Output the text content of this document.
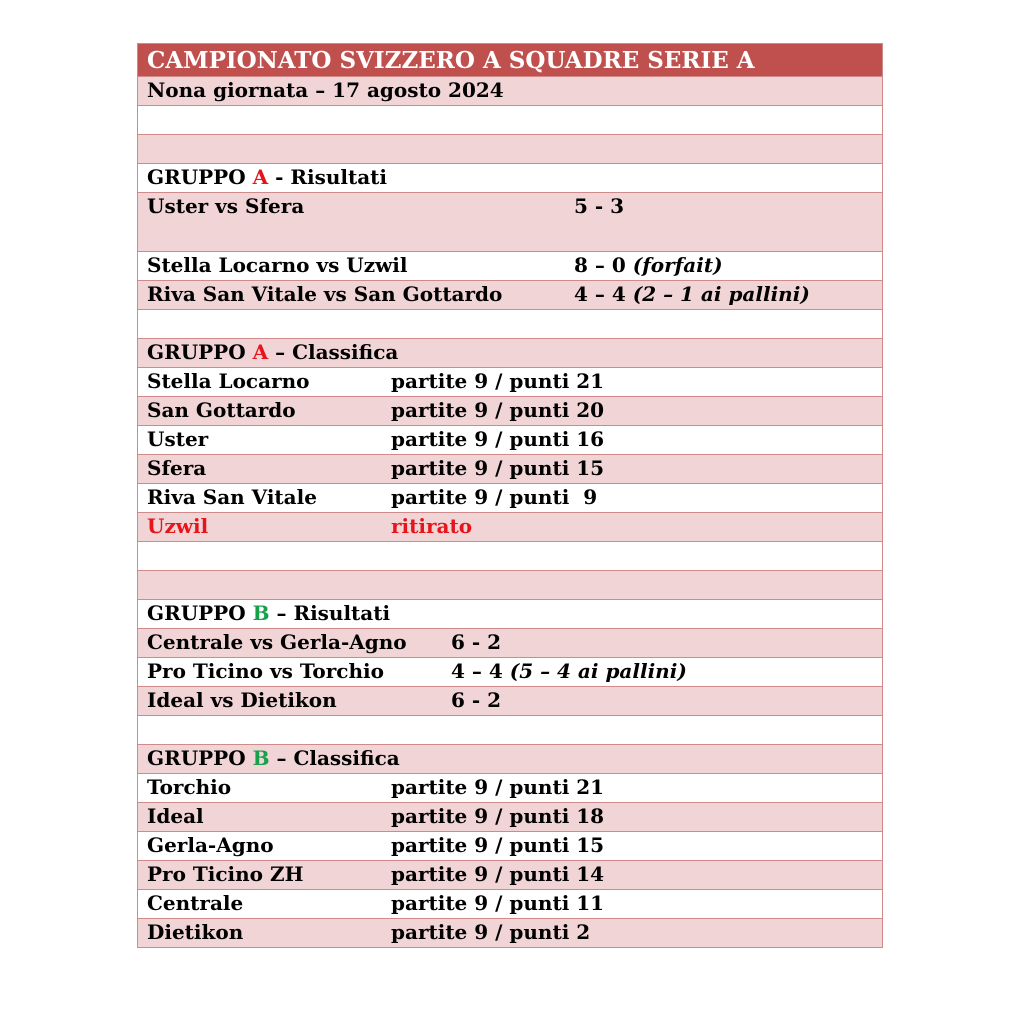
CAMPIONATO SVIZZERO A SQUADRE SERIE A
Nona giornata – 17 agosto 2024
GRUPPO A - Risultati
Uster vs Sfera	5 - 3
Stella Locarno vs Uzwil	8 – 0 (forfait)
Riva San Vitale vs San Gottardo	4 – 4 (2 – 1 ai pallini)
GRUPPO A – Classifica
Stella Locarno	partite 9 / punti 21
San Gottardo	partite 9 / punti 20
Uster	partite 9 / punti 16
Sfera	partite 9 / punti 15
Riva San Vitale	partite 9 / punti  9
Uzwil	ritirato
GRUPPO B – Risultati
Centrale vs Gerla-Agno 6 - 2
Pro Ticino vs Torchio	4 – 4 (5 – 4 ai pallini)
Ideal vs Dietikon	6 - 2
GRUPPO B – Classifica
Torchio	partite 9 / punti 21
Ideal	partite 9 / punti 18
Gerla-Agno	partite 9 / punti 15
Pro Ticino ZH	partite 9 / punti 14
Centrale	partite 9 / punti 11
Dietikon	partite 9 / punti 2
